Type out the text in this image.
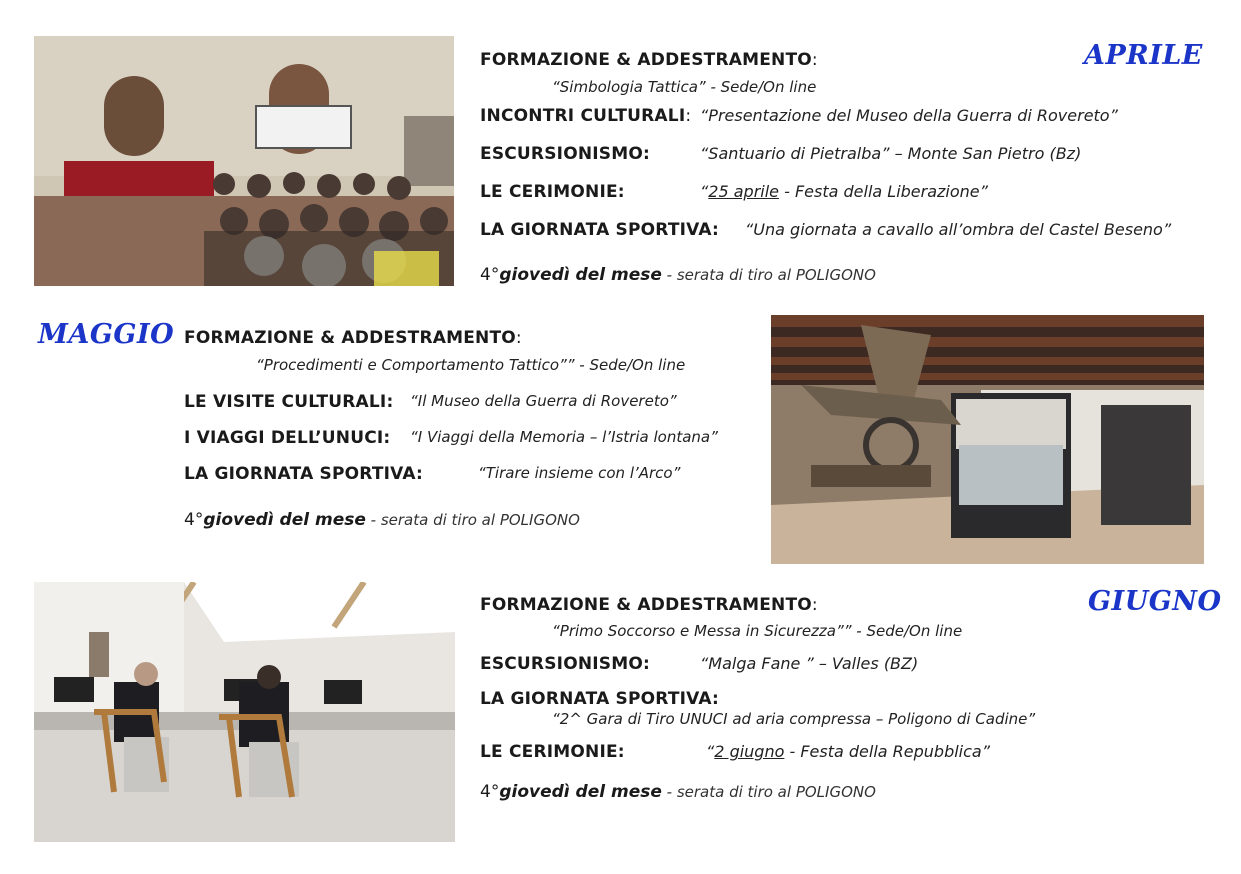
APRILE
FORMAZIONE & ADDESTRAMENTO:
“Simbologia Tattica” - Sede/On line
INCONTRI CULTURALI: “Presentazione del Museo della Guerra di Rovereto”
ESCURSIONISMO:	“Santuario di Pietralba” – Monte San Pietro (Bz)
LE CERIMONIE:	“25 aprile - Festa della Liberazione”
LA GIORNATA SPORTIVA: “Una giornata a cavallo all’ombra del Castel Beseno”
4°giovedì del mese - serata di tiro al POLIGONO
MAGGIO FORMAZIONE & ADDESTRAMENTO:
“Procedimenti e Comportamento Tattico”” - Sede/On line
LE VISITE CULTURALI: “Il Museo della Guerra di Rovereto”
I VIAGGI DELL’UNUCI: “I Viaggi della Memoria – l’Istria lontana”
LA GIORNATA SPORTIVA:	“Tirare insieme con l’Arco”
4°giovedì del mese - serata di tiro al POLIGONO
GIUGNO
FORMAZIONE & ADDESTRAMENTO:
“Primo Soccorso e Messa in Sicurezza”” - Sede/On line
ESCURSIONISMO:	“Malga Fane ” – Valles (BZ)
LA GIORNATA SPORTIVA:
“2^ Gara di Tiro UNUCI ad aria compressa – Poligono di Cadine”
LE CERIMONIE:	“2 giugno - Festa della Repubblica”
4°giovedì del mese - serata di tiro al POLIGONO
